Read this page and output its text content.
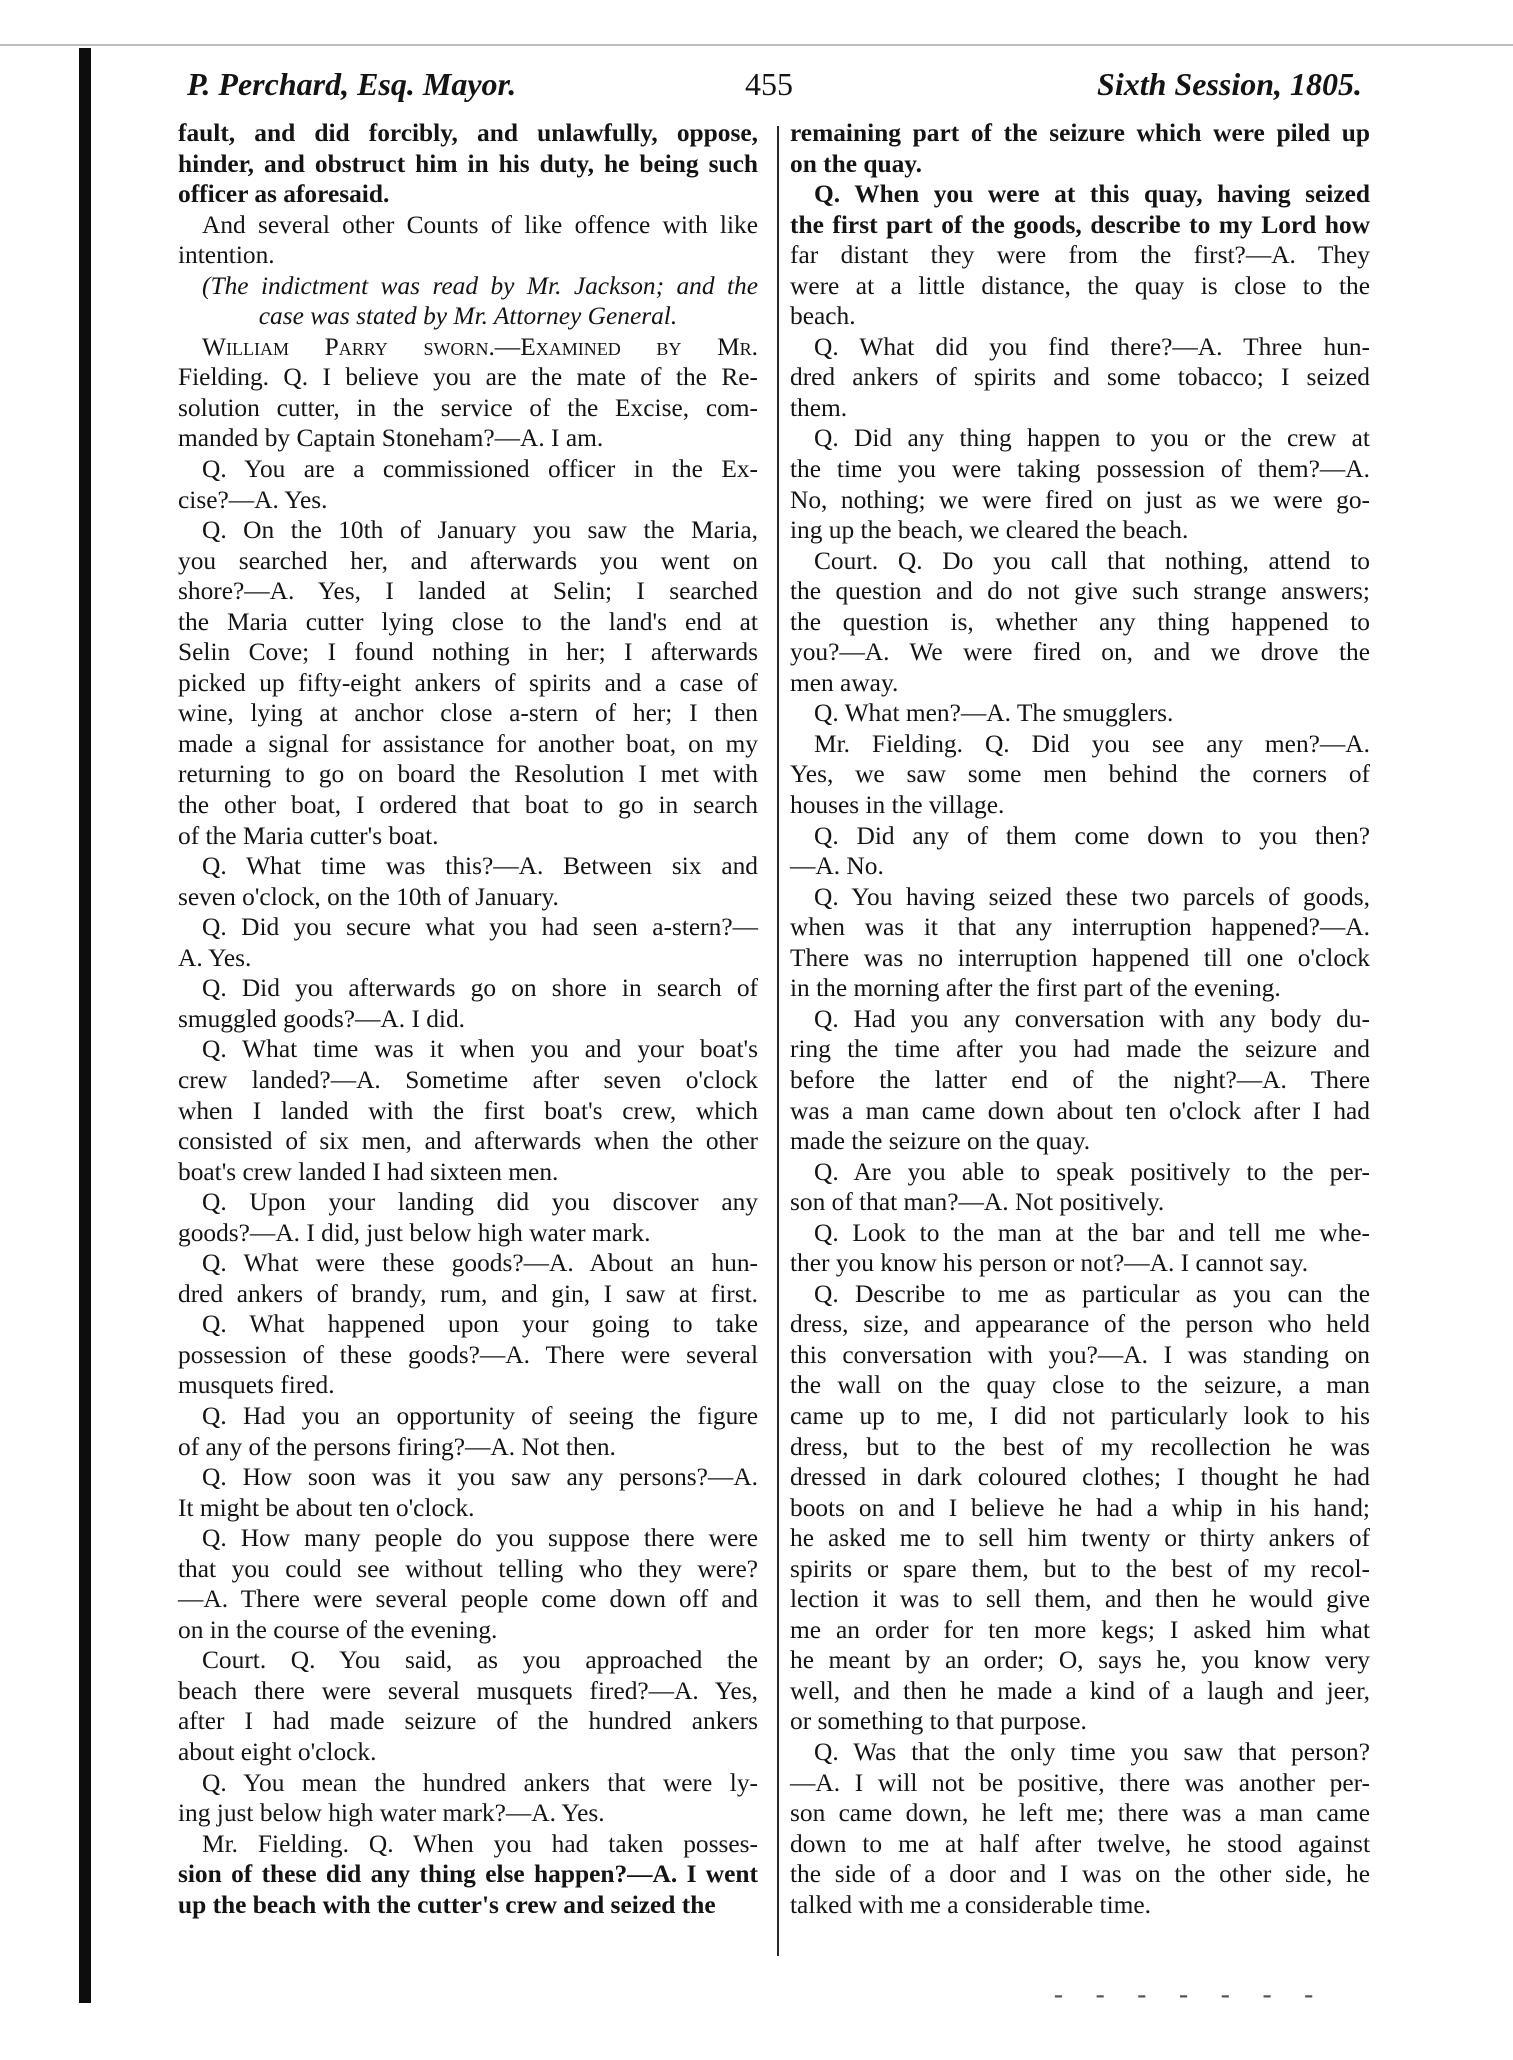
P. Perchard, Esq. Mayor.	455	Sixth Session, 1805.
fault, and did forcibly, and unlawfully, oppose,
hinder, and obstruct him in his duty, he being such
officer as aforesaid.
And several other Counts of like offence with like
intention.
(The indictment was read by Mr. Jackson; and the
case was stated by Mr. Attorney General.
William Parry sworn.—Examined by Mr.
Fielding. Q. I believe you are the mate of the Re-
solution cutter, in the service of the Excise, com-
manded by Captain Stoneham?—A. I am.
Q. You are a commissioned officer in the Ex-
cise?—A. Yes.
Q. On the 10th of January you saw the Maria,
you searched her, and afterwards you went on
shore?—A. Yes, I landed at Selin; I searched
the Maria cutter lying close to the land's end at
Selin Cove; I found nothing in her; I afterwards
picked up fifty-eight ankers of spirits and a case of
wine, lying at anchor close a-stern of her; I then
made a signal for assistance for another boat, on my
returning to go on board the Resolution I met with
the other boat, I ordered that boat to go in search
of the Maria cutter's boat.
Q. What time was this?—A. Between six and
seven o'clock, on the 10th of January.
Q. Did you secure what you had seen a-stern?—
A. Yes.
Q. Did you afterwards go on shore in search of
smuggled goods?—A. I did.
Q. What time was it when you and your boat's
crew landed?—A. Sometime after seven o'clock
when I landed with the first boat's crew, which
consisted of six men, and afterwards when the other
boat's crew landed I had sixteen men.
Q. Upon your landing did you discover any
goods?—A. I did, just below high water mark.
Q. What were these goods?—A. About an hun-
dred ankers of brandy, rum, and gin, I saw at first.
Q. What happened upon your going to take
possession of these goods?—A. There were several
musquets fired.
Q. Had you an opportunity of seeing the figure
of any of the persons firing?—A. Not then.
Q. How soon was it you saw any persons?—A.
It might be about ten o'clock.
Q. How many people do you suppose there were
that you could see without telling who they were?
—A. There were several people come down off and
on in the course of the evening.
Court. Q. You said, as you approached the
beach there were several musquets fired?—A. Yes,
after I had made seizure of the hundred ankers
about eight o'clock.
Q. You mean the hundred ankers that were ly-
ing just below high water mark?—A. Yes.
Mr. Fielding. Q. When you had taken posses-
sion of these did any thing else happen?—A. I went
up the beach with the cutter's crew and seized the
remaining part of the seizure which were piled up
on the quay.
Q. When you were at this quay, having seized
the first part of the goods, describe to my Lord how
far distant they were from the first?—A. They
were at a little distance, the quay is close to the
beach.
Q. What did you find there?—A. Three hun-
dred ankers of spirits and some tobacco; I seized
them.
Q. Did any thing happen to you or the crew at
the time you were taking possession of them?—A.
No, nothing; we were fired on just as we were go-
ing up the beach, we cleared the beach.
Court. Q. Do you call that nothing, attend to
the question and do not give such strange answers;
the question is, whether any thing happened to
you?—A. We were fired on, and we drove the
men away.
Q. What men?—A. The smugglers.
Mr. Fielding. Q. Did you see any men?—A.
Yes, we saw some men behind the corners of
houses in the village.
Q. Did any of them come down to you then?
—A. No.
Q. You having seized these two parcels of goods,
when was it that any interruption happened?—A.
There was no interruption happened till one o'clock
in the morning after the first part of the evening.
Q. Had you any conversation with any body du-
ring the time after you had made the seizure and
before the latter end of the night?—A. There
was a man came down about ten o'clock after I had
made the seizure on the quay.
Q. Are you able to speak positively to the per-
son of that man?—A. Not positively.
Q. Look to the man at the bar and tell me whe-
ther you know his person or not?—A. I cannot say.
Q. Describe to me as particular as you can the
dress, size, and appearance of the person who held
this conversation with you?—A. I was standing on
the wall on the quay close to the seizure, a man
came up to me, I did not particularly look to his
dress, but to the best of my recollection he was
dressed in dark coloured clothes; I thought he had
boots on and I believe he had a whip in his hand;
he asked me to sell him twenty or thirty ankers of
spirits or spare them, but to the best of my recol-
lection it was to sell them, and then he would give
me an order for ten more kegs; I asked him what
he meant by an order; O, says he, you know very
well, and then he made a kind of a laugh and jeer,
or something to that purpose.
Q. Was that the only time you saw that person?
—A. I will not be positive, there was another per-
son came down, he left me; there was a man came
down to me at half after twelve, he stood against
the side of a door and I was on the other side, he
talked with me a considerable time.
- - - - - - -
